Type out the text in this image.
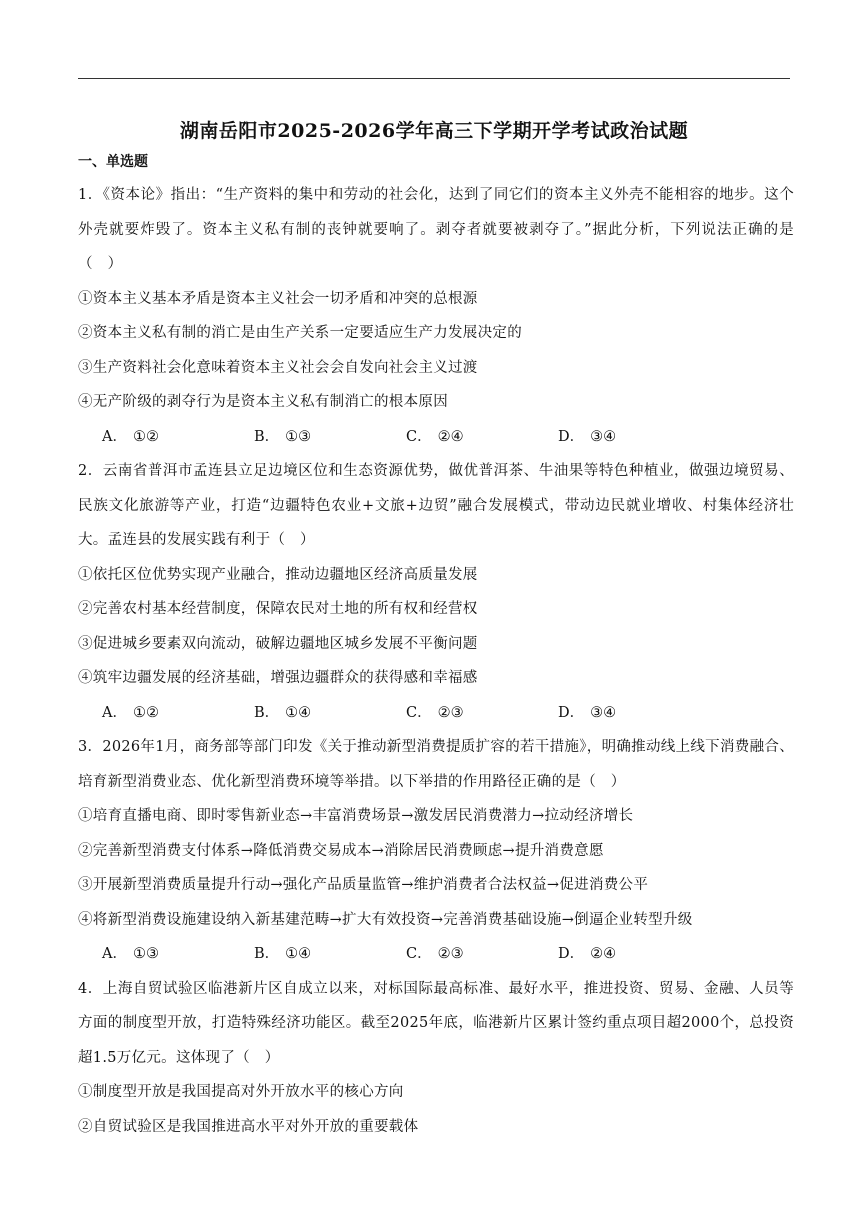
湖南岳阳市2025-2026学年高三下学期开学考试政治试题
一、单选题
1．《资本论》指出：“生产资料的集中和劳动的社会化，达到了同它们的资本主义外壳不能相容的地步。这个外壳就要炸毁了。资本主义私有制的丧钟就要响了。剥夺者就要被剥夺了。”据此分析，下列说法正确的是（　）
①资本主义基本矛盾是资本主义社会一切矛盾和冲突的总根源
②资本主义私有制的消亡是由生产关系一定要适应生产力发展决定的
③生产资料社会化意味着资本主义社会会自发向社会主义过渡
④无产阶级的剥夺行为是资本主义私有制消亡的根本原因
A． ①②	B． ①③	C． ②④	D． ③④
2．云南省普洱市孟连县立足边境区位和生态资源优势，做优普洱茶、牛油果等特色种植业，做强边境贸易、民族文化旅游等产业，打造“边疆特色农业+文旅+边贸”融合发展模式，带动边民就业增收、村集体经济壮大。孟连县的发展实践有利于（　）
①依托区位优势实现产业融合，推动边疆地区经济高质量发展
②完善农村基本经营制度，保障农民对土地的所有权和经营权
③促进城乡要素双向流动，破解边疆地区城乡发展不平衡问题
④筑牢边疆发展的经济基础，增强边疆群众的获得感和幸福感
A． ①②	B． ①④	C． ②③	D． ③④
3．2026年1月，商务部等部门印发《关于推动新型消费提质扩容的若干措施》，明确推动线上线下消费融合、培育新型消费业态、优化新型消费环境等举措。以下举措的作用路径正确的是（　）
①培育直播电商、即时零售新业态→丰富消费场景→激发居民消费潜力→拉动经济增长
②完善新型消费支付体系→降低消费交易成本→消除居民消费顾虑→提升消费意愿
③开展新型消费质量提升行动→强化产品质量监管→维护消费者合法权益→促进消费公平
④将新型消费设施建设纳入新基建范畴→扩大有效投资→完善消费基础设施→倒逼企业转型升级
A． ①③	B． ①④	C． ②③	D． ②④
4．上海自贸试验区临港新片区自成立以来，对标国际最高标准、最好水平，推进投资、贸易、金融、人员等方面的制度型开放，打造特殊经济功能区。截至2025年底，临港新片区累计签约重点项目超2000个，总投资超1.5万亿元。这体现了（　）
①制度型开放是我国提高对外开放水平的核心方向
②自贸试验区是我国推进高水平对外开放的重要载体
